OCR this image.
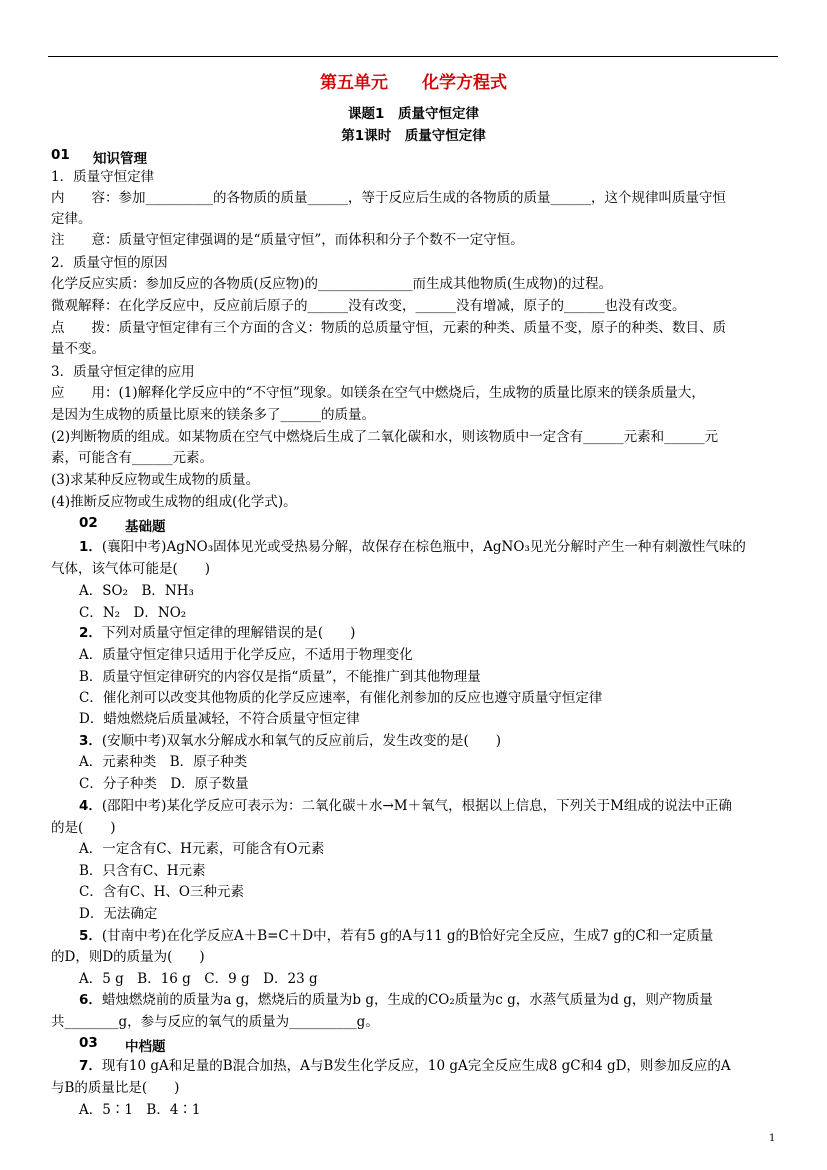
第五单元　　化学方程式
课题1　质量守恒定律
第1课时　质量守恒定律
01 知识管理
1．质量守恒定律
内　　容：参加__________的各物质的质量______，等于反应后生成的各物质的质量______，这个规律叫质量守恒
定律。
注　　意：质量守恒定律强调的是“质量守恒”，而体积和分子个数不一定守恒。
2．质量守恒的原因
化学反应实质：参加反应的各物质(反应物)的______________而生成其他物质(生成物)的过程。
微观解释：在化学反应中，反应前后原子的______没有改变，______没有增减，原子的______也没有改变。
点　　拨：质量守恒定律有三个方面的含义：物质的总质量守恒，元素的种类、质量不变，原子的种类、数目、质
量不变。
3．质量守恒定律的应用
应　　用：(1)解释化学反应中的“不守恒”现象。如镁条在空气中燃烧后，生成物的质量比原来的镁条质量大，
是因为生成物的质量比原来的镁条多了______的质量。
(2)判断物质的组成。如某物质在空气中燃烧后生成了二氧化碳和水，则该物质中一定含有______元素和______元
素，可能含有______元素。
(3)求某种反应物或生成物的质量。
(4)推断反应物或生成物的组成(化学式)。
02 基础题
1．(襄阳中考)AgNO₃固体见光或受热易分解，故保存在棕色瓶中，AgNO₃见光分解时产生一种有刺激性气味的
气体，该气体可能是(　　)
A．SO₂　B．NH₃
C．N₂　D．NO₂
2．下列对质量守恒定律的理解错误的是(　　)
A．质量守恒定律只适用于化学反应，不适用于物理变化
B．质量守恒定律研究的内容仅是指“质量”，不能推广到其他物理量
C．催化剂可以改变其他物质的化学反应速率，有催化剂参加的反应也遵守质量守恒定律
D．蜡烛燃烧后质量减轻，不符合质量守恒定律
3．(安顺中考)双氧水分解成水和氧气的反应前后，发生改变的是(　　)
A．元素种类　B．原子种类
C．分子种类　D．原子数量
4．(邵阳中考)某化学反应可表示为：二氧化碳＋水→M＋氧气，根据以上信息，下列关于M组成的说法中正确
的是(　　)
A．一定含有C、H元素，可能含有O元素
B．只含有C、H元素
C．含有C、H、O三种元素
D．无法确定
5．(甘南中考)在化学反应A＋B=C＋D中，若有5 g的A与11 g的B恰好完全反应，生成7 g的C和一定质量
的D，则D的质量为(　　)
A．5 g　B．16 g　C．9 g　D．23 g
6．蜡烛燃烧前的质量为a g，燃烧后的质量为b g，生成的CO₂质量为c g，水蒸气质量为d g，则产物质量
共________g，参与反应的氧气的质量为__________g。
03 中档题
7．现有10 gA和足量的B混合加热，A与B发生化学反应，10 gA完全反应生成8 gC和4 gD，则参加反应的A
与B的质量比是(　　)
A．5∶1　B．4∶1
1
